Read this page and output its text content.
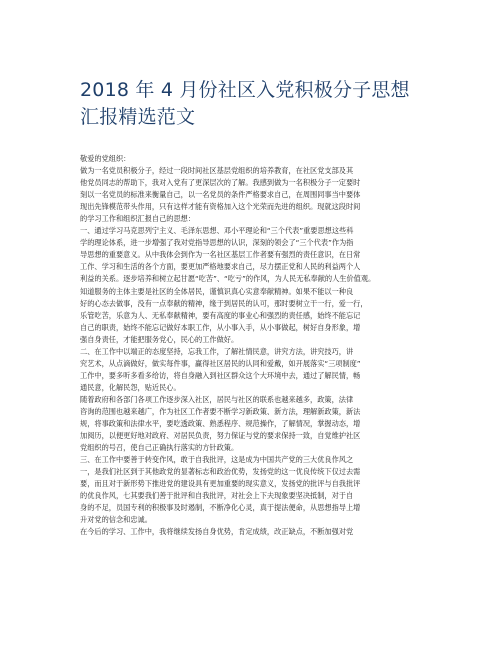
2018 年 4 月份社区入党积极分子思想
汇报精选范文

敬爱的党组织：

做为一名党员积极分子，经过一段时间社区基层党组织的培养教育，在社区党支部及其

他党员同志的帮助下，我对入党有了更深层次的了解。我感到做为一名积极分子一定要时

刻以一名党员的标准来衡量自己，以一名党员的条件严格要求自己，在周围同事当中要体

现出先锋模范带头作用，只有这样才能有资格加入这个光荣而先进的组织。现就这段时间

的学习工作和组织汇报自己的思想：

一、通过学习马克思列宁主义、毛泽东思想、邓小平理论和“三个代表”重要思想这些科

学的理论体系，进一步增强了我对党指导思想的认识，深刻的领会了“三个代表”作为指

导思想的重要意义。从中我体会到作为一名社区基层工作者要有强烈的责任意识，在日常

工作、学习和生活的各个方面，要更加严格地要求自己，尽力摆正党和人民的利益两个人

利益的关系。逐步培养和树立起甘愿“吃苦”、“吃亏”的作风，为人民无私奉献的人生价值观。

知道服务的主体主要是社区的全体居民，谨慎识真心实意奉献精神。如果不能以一种良

好的心态去做事，没有一点奉献的精神，缘于到居民的认可，那时要树立干一行，爱一行，

乐管吃苦，乐意为人、无私奉献精神，要有高度的事业心和强烈的责任感，始终不能忘记

自己的职责，始终不能忘记做好本职工作，从小事入手，从小事做起，树好自身形象，增

强自身责任，才能把服务党心，民心的工作做好。

二、在工作中以端正的态度坚持，忘我工作，了解社情民意，讲究方法，讲究技巧，讲

究艺术，从点滴做好，做实每件事，赢得社区居民的认同和爱戴，如开展落实“三项制度”

工作中，要多听多看多给访，将自身融入到社区群众这个大环境中去，通过了解民情，畅

通民意，化解民怨，贴近民心。

随着政府和各部门各项工作逐步深入社区，居民与社区的联系也越来越多，政策，法律

咨询的范围也越来越广，作为社区工作者要不断学习新政策、新方法，理解新政策，新法

规，将事政策和法律水平，要吃透政策、熟悉程序、规范操作，了解情况，掌握动态，增

加阅历，以便更好地对政府、对居民负责，努力保证与党的要求保持一致，自觉维护社区

党组织的号召，使自己正确执行落实的方针政策。

三、在工作中要善于转变作风，敢于自我批评，这是成为中国共产党的三大优良作风之

一，是我们社区到于其他政党的显著标志和政治优势，发扬党的这一优良传统下仅过去需

要，而且对于新形势下推进党的建设具有更加重要的现实意义，发扬党的批评与自我批评

的优良作风，七其要我们善于批评和自我批评，对社会上下夫现象要坚决抵制，对于自

身的不足，员国专利的积极事及时遏制，不断净化心灵，真于提法便命，从思想指导上增

升对党的信念和忠诚。

在今后的学习、工作中，我将继续发扬自身优势，肯定成绩，改正缺点，不断加强对党
